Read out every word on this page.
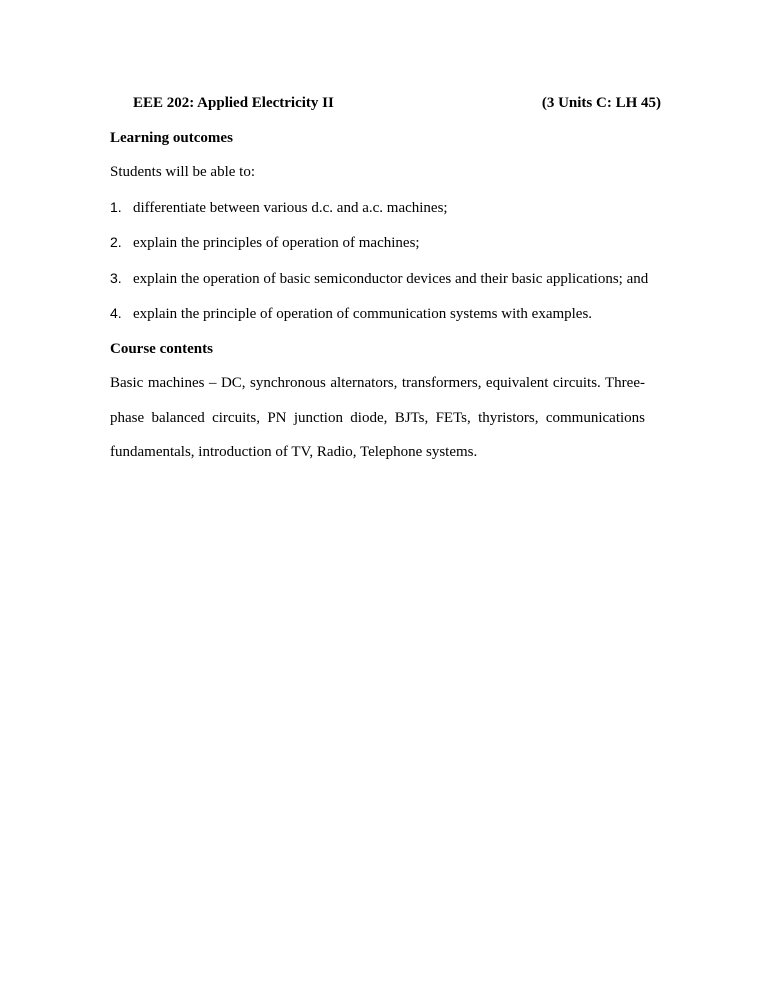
EEE 202: Applied Electricity II	(3 Units C: LH 45)
Learning outcomes
Students will be able to:
1. differentiate between various d.c. and a.c. machines;
2. explain the principles of operation of machines;
3. explain the operation of basic semiconductor devices and their basic applications; and
4. explain the principle of operation of communication systems with examples.
Course contents

Basic machines – DC, synchronous alternators, transformers, equivalent circuits. Three-phase balanced circuits, PN junction diode, BJTs, FETs, thyristors, communications fundamentals, introduction of TV, Radio, Telephone systems.
